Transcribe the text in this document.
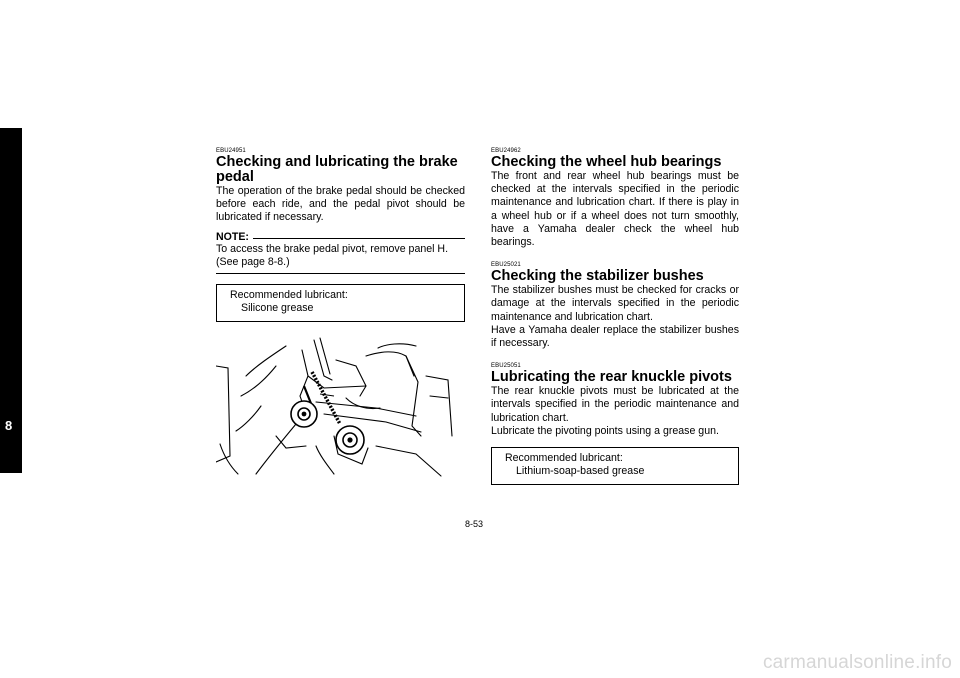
8
EBU24951
Checking and lubricating the brake pedal

The operation of the brake pedal should be checked before each ride, and the pedal pivot should be lubricated if necessary.

NOTE:

To access the brake pedal pivot, remove panel H. (See page 8-8.)

Recommended lubricant:
Silicone grease
EBU24962
Checking the wheel hub bearings

The front and rear wheel hub bearings must be checked at the intervals specified in the periodic maintenance and lubrication chart. If there is play in a wheel hub or if a wheel does not turn smoothly, have a Yamaha dealer check the wheel hub bearings.

EBU25021
Checking the stabilizer bushes

The stabilizer bushes must be checked for cracks or damage at the intervals specified in the periodic maintenance and lubrication chart.

Have a Yamaha dealer replace the stabilizer bushes if necessary.

EBU25051
Lubricating the rear knuckle pivots

The rear knuckle pivots must be lubricated at the intervals specified in the periodic maintenance and lubrication chart.

Lubricate the pivoting points using a grease gun.

Recommended lubricant:
Lithium-soap-based grease
8-53
carmanualsonline.info
